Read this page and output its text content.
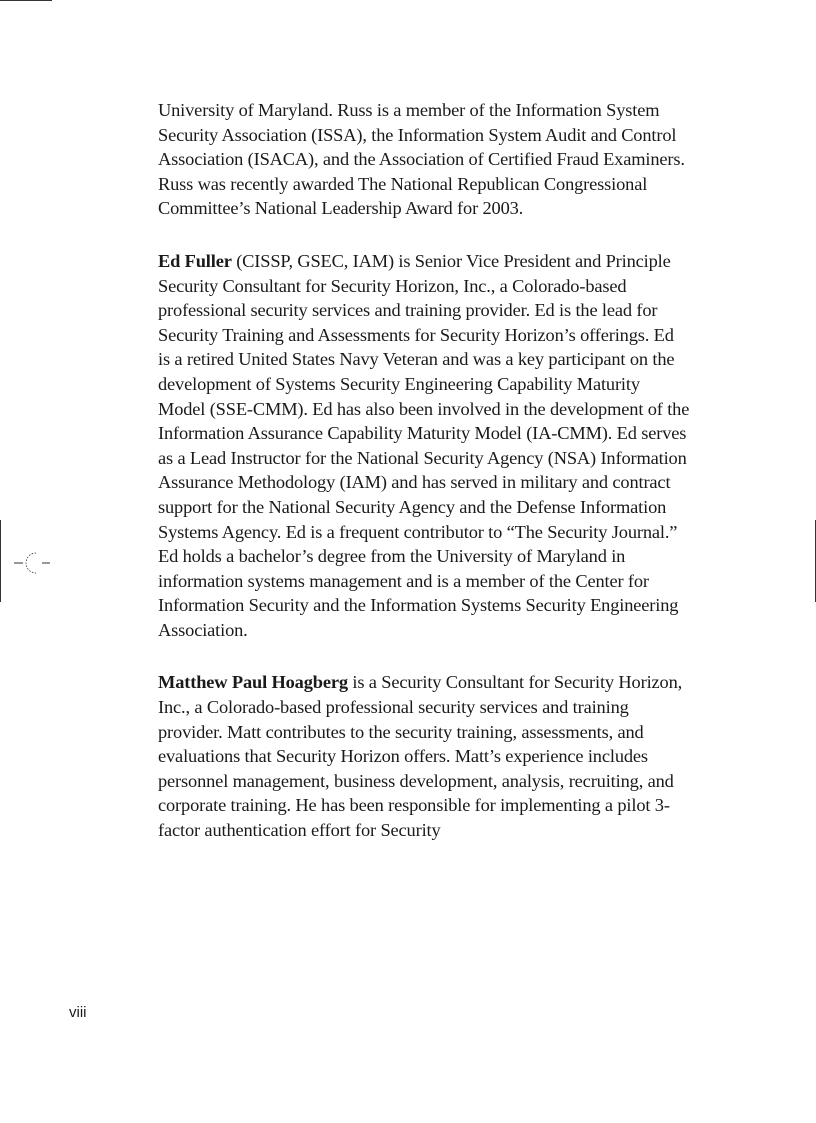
University of Maryland. Russ is a member of the Information System Security Association (ISSA), the Information System Audit and Control Association (ISACA), and the Association of Certified Fraud Examiners. Russ was recently awarded The National Republican Congressional Committee’s National Leadership Award for 2003.

Ed Fuller (CISSP, GSEC, IAM) is Senior Vice President and Principle Security Consultant for Security Horizon, Inc., a Colorado-based professional security services and training provider. Ed is the lead for Security Training and Assessments for Security Horizon’s offerings. Ed is a retired United States Navy Veteran and was a key participant on the development of Systems Security Engineering Capability Maturity Model (SSE-CMM). Ed has also been involved in the development of the Information Assurance Capability Maturity Model (IA-CMM). Ed serves as a Lead Instructor for the National Security Agency (NSA) Information Assurance Methodology (IAM) and has served in military and contract support for the National Security Agency and the Defense Information Systems Agency. Ed is a frequent contributor to “The Security Journal.” Ed holds a bachelor’s degree from the University of Maryland in information systems management and is a member of the Center for Information Security and the Information Systems Security Engineering Association.

Matthew Paul Hoagberg is a Security Consultant for Security Horizon, Inc., a Colorado-based professional security services and training provider. Matt contributes to the security training, assessments, and evaluations that Security Horizon offers. Matt’s experience includes personnel management, business development, analysis, recruiting, and corporate training. He has been responsible for implementing a pilot 3-factor authentication effort for Security

viii
